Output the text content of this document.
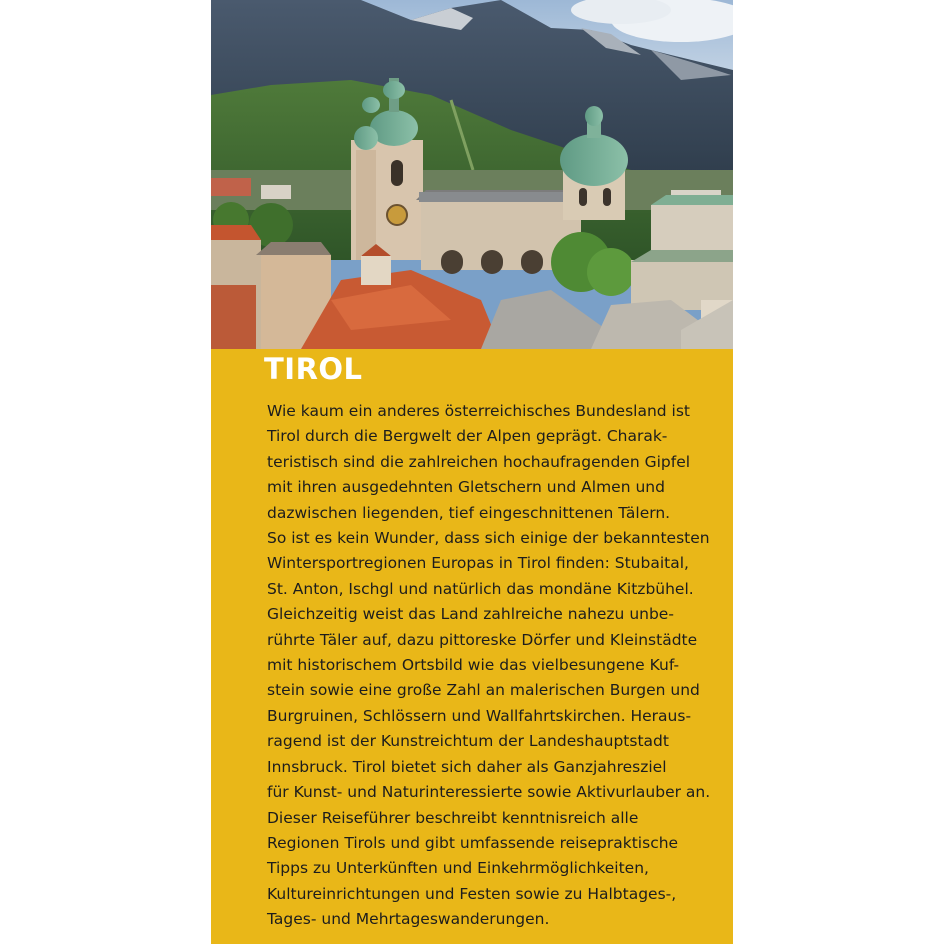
TIROL

Wie kaum ein anderes österreichisches Bundesland ist
Tirol durch die Bergwelt der Alpen geprägt. Charak-
teristisch sind die zahlreichen hochaufragenden Gipfel
mit ihren ausgedehnten Gletschern und Almen und
dazwischen liegenden, tief eingeschnittenen Tälern.
So ist es kein Wunder, dass sich einige der bekanntesten
Wintersportregionen Europas in Tirol finden: Stubaital,
St. Anton, Ischgl und natürlich das mondäne Kitzbühel.
Gleichzeitig weist das Land zahlreiche nahezu unbe-
rührte Täler auf, dazu pittoreske Dörfer und Kleinstädte
mit historischem Ortsbild wie das vielbesungene Kuf-
stein sowie eine große Zahl an malerischen Burgen und
Burgruinen, Schlössern und Wallfahrtskirchen. Heraus-
ragend ist der Kunstreichtum der Landeshauptstadt
Innsbruck. Tirol bietet sich daher als Ganzjahresziel
für Kunst- und Naturinteressierte sowie Aktivurlauber an.
Dieser Reiseführer beschreibt kenntnisreich alle
Regionen Tirols und gibt umfassende reisepraktische
Tipps zu Unterkünften und Einkehrmöglichkeiten,
Kultureinrichtungen und Festen sowie zu Halbtages-,
Tages- und Mehrtageswanderungen.
